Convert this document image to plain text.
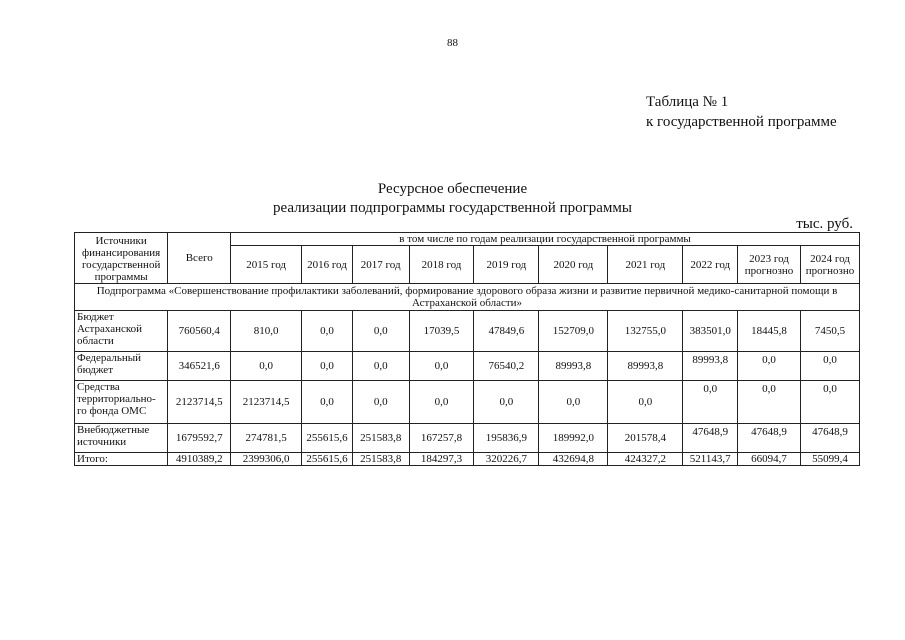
88
Таблица № 1
к государственной программе
Ресурсное обеспечение
реализации подпрограммы государственной программы
тыс. руб.
Источники финансирования государственной программы	Всего	в том числе по годам реализации государственной программы									
		2015 год	2016 год	2017 год	2018 год	2019 год	2020 год	2021 год	2022 год	2023 год прогнозно	2024 год прогнозно
Подпрограмма «Совершенствование профилактики заболеваний, формирование здорового образа жизни и развитие первичной медико-санитарной помощи в Астраханской области»											
Бюджет Астраханской области	760560,4	810,0	0,0	0,0	17039,5	47849,6	152709,0	132755,0	383501,0	18445,8	7450,5
Федеральный бюджет	346521,6	0,0	0,0	0,0	0,0	76540,2	89993,8	89993,8	89993,8	0,0	0,0
Средства территориально-го фонда ОМС	2123714,5	2123714,5	0,0	0,0	0,0	0,0	0,0	0,0	0,0	0,0	0,0
Внебюджетные источники	1679592,7	274781,5	255615,6	251583,8	167257,8	195836,9	189992,0	201578,4	47648,9	47648,9	47648,9
Итого:	4910389,2	2399306,0	255615,6	251583,8	184297,3	320226,7	432694,8	424327,2	521143,7	66094,7	55099,4
